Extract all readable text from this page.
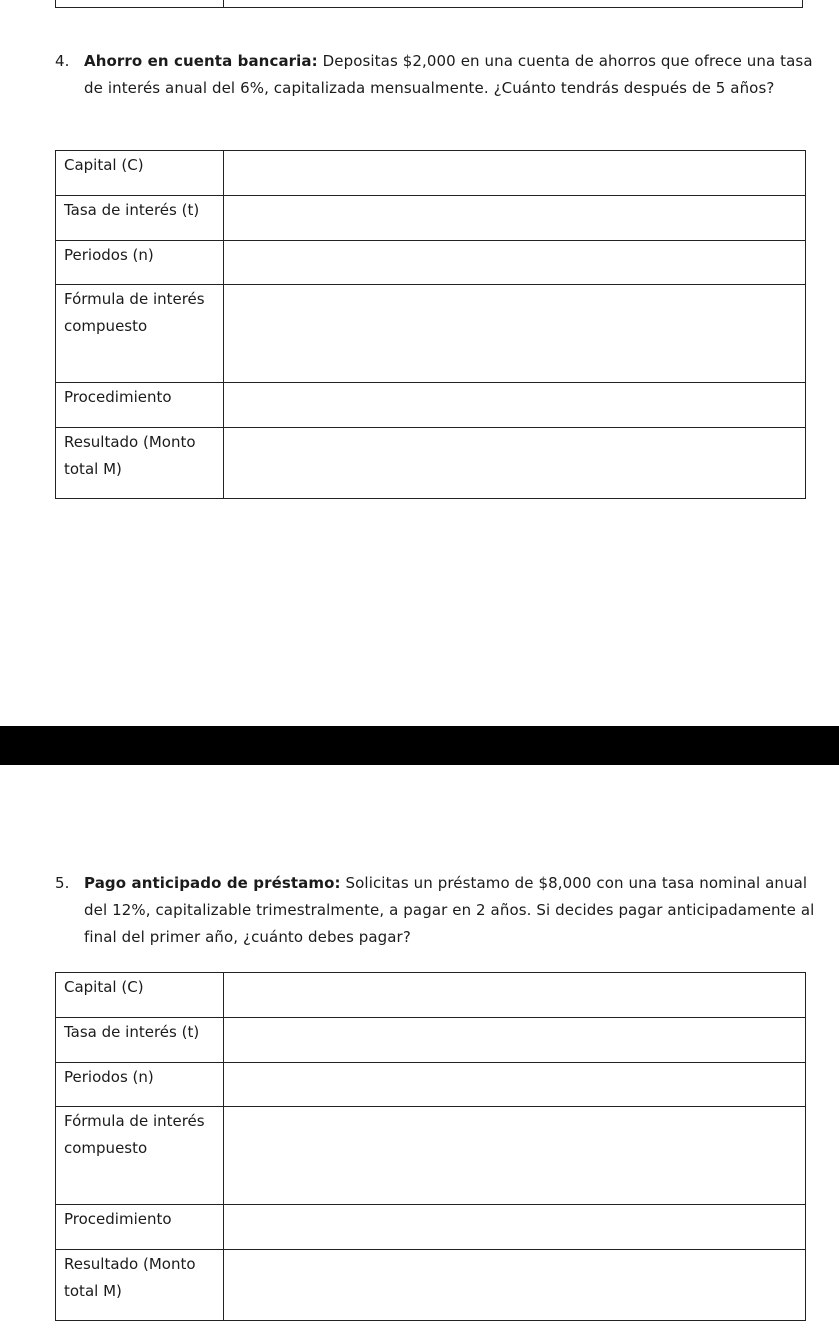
4. Ahorro en cuenta bancaria: Depositas $2,000 en una cuenta de ahorros que ofrece una tasa de interés anual del 6%, capitalizada mensualmente. ¿Cuánto tendrás después de 5 años?
Capital (C)	
Tasa de interés (t)	
Periodos (n)	
Fórmula de interés compuesto	
Procedimiento	
Resultado (Monto total M)	
5. Pago anticipado de préstamo: Solicitas un préstamo de $8,000 con una tasa nominal anual del 12%, capitalizable trimestralmente, a pagar en 2 años. Si decides pagar anticipadamente al final del primer año, ¿cuánto debes pagar?
Capital (C)	
Tasa de interés (t)	
Periodos (n)	
Fórmula de interés compuesto	
Procedimiento	
Resultado (Monto total M)	
